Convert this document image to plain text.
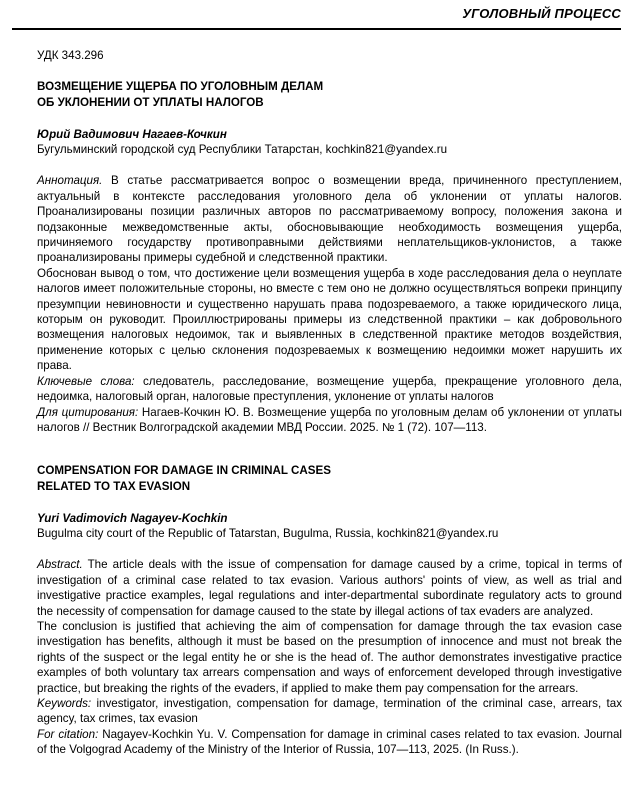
УГОЛОВНЫЙ ПРОЦЕСС

УДК 343.296

ВОЗМЕЩЕНИЕ УЩЕРБА ПО УГОЛОВНЫМ ДЕЛАМ
ОБ УКЛОНЕНИИ ОТ УПЛАТЫ НАЛОГОВ

Юрий Вадимович Нагаев-Кочкин

Бугульминский городской суд Республики Татарстан, kochkin821@yandex.ru

Аннотация. В статье рассматривается вопрос о возмещении вреда, причиненного преступлением, актуальный в контексте расследования уголовного дела об уклонении от уплаты налогов. Проанализированы позиции различных авторов по рассматриваемому вопросу, положения закона и подзаконные межведомственные акты, обосновывающие необходимость возмещения ущерба, причиняемого государству противоправными действиями неплательщиков-уклонистов, а также проанализированы примеры судебной и следственной практики.

Обоснован вывод о том, что достижение цели возмещения ущерба в ходе расследования дела о неуплате налогов имеет положительные стороны, но вместе с тем оно не должно осуществляться вопреки принципу презумпции невиновности и существенно нарушать права подозреваемого, а также юридического лица, которым он руководит. Проиллюстрированы примеры из следственной практики – как добровольного возмещения налоговых недоимок, так и выявленных в следственной практике методов воздействия, применение которых с целью склонения подозреваемых к возмещению недоимки может нарушить их права.

Ключевые слова: следователь, расследование, возмещение ущерба, прекращение уголовного дела, недоимка, налоговый орган, налоговые преступления, уклонение от уплаты налогов

Для цитирования: Нагаев-Кочкин Ю. В. Возмещение ущерба по уголовным делам об уклонении от уплаты налогов // Вестник Волгоградской академии МВД России. 2025. № 1 (72). 107—113.

COMPENSATION FOR DAMAGE IN CRIMINAL CASES
RELATED TO TAX EVASION

Yuri Vadimovich Nagayev-Kochkin

Bugulma city court of the Republic of Tatarstan, Bugulma, Russia, kochkin821@yandex.ru

Abstract. The article deals with the issue of compensation for damage caused by a crime, topical in terms of investigation of a criminal case related to tax evasion. Various authors' points of view, as well as trial and investigative practice examples, legal regulations and inter-departmental subordinate regulatory acts to ground the necessity of compensation for damage caused to the state by illegal actions of tax evaders are analyzed.

The conclusion is justified that achieving the aim of compensation for damage through the tax evasion case investigation has benefits, although it must be based on the presumption of innocence and must not break the rights of the suspect or the legal entity he or she is the head of. The author demonstrates investigative practice examples of both voluntary tax arrears compensation and ways of enforcement developed through investigative practice, but breaking the rights of the evaders, if applied to make them pay compensation for the arrears.

Keywords: investigator, investigation, compensation for damage, termination of the criminal case, arrears, tax agency, tax crimes, tax evasion

For citation: Nagayev-Kochkin Yu. V. Compensation for damage in criminal cases related to tax evasion. Journal of the Volgograd Academy of the Ministry of the Interior of Russia, 107—113, 2025. (In Russ.).
